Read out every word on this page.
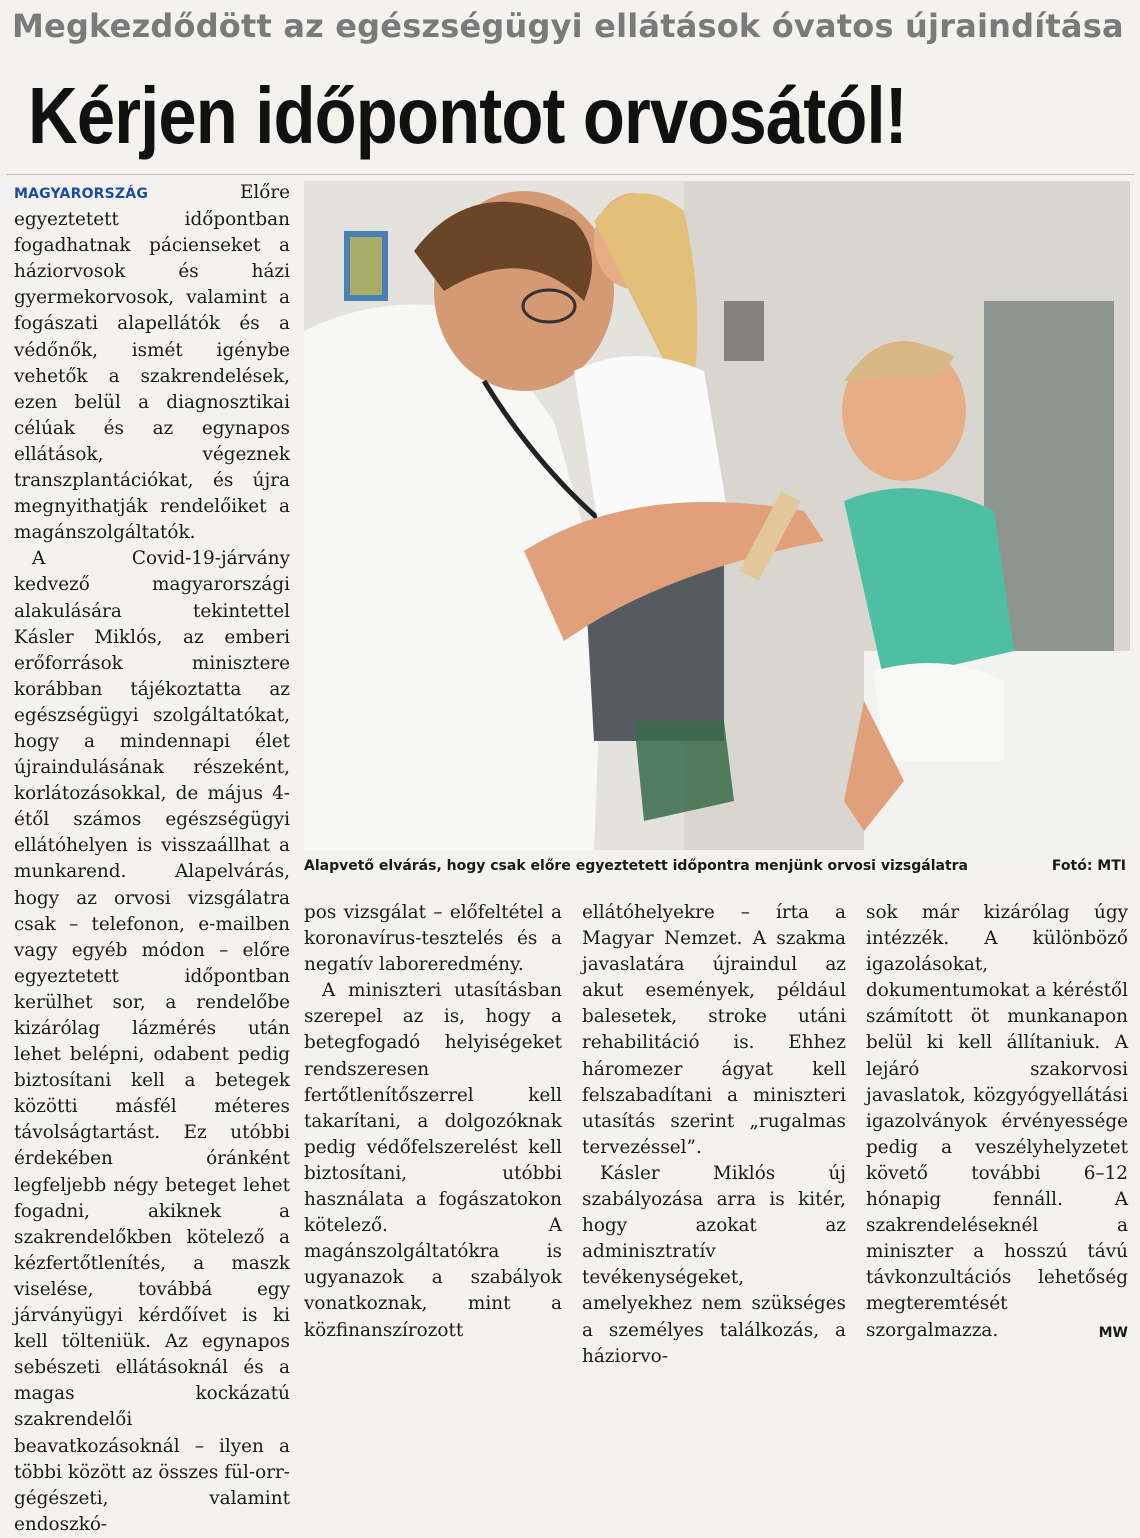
Megkezdődött az egészségügyi ellátások óvatos újraindítása
Kérjen időpontot orvosától!

MAGYARORSZÁG Előre egyeztetett időpontban fogadhatnak pácienseket a háziorvosok és házi gyermekorvosok, valamint a fogászati alapellátók és a védőnők, ismét igénybe vehetők a szakrendelések, ezen belül a diagnosztikai célúak és az egynapos ellátások, végeznek transzplantációkat, és újra megnyithatják rendelőiket a magánszolgáltatók.

A Covid-19-járvány kedvező magyarországi alakulására tekintettel Kásler Miklós, az emberi erőforrások minisztere korábban tájékoztatta az egészségügyi szolgáltatókat, hogy a mindennapi élet újraindulásának részeként, korlátozásokkal, de május 4-étől számos egészségügyi ellátóhelyen is visszaállhat a munkarend. Alapelvárás, hogy az orvosi vizsgálatra csak – telefonon, e-mailben vagy egyéb módon – előre egyeztetett időpontban kerülhet sor, a rendelőbe kizárólag lázmérés után lehet belépni, odabent pedig biztosítani kell a betegek közötti másfél méteres távolságtartást. Ez utóbbi érdekében óránként legfeljebb négy beteget lehet fogadni, akiknek a szakrendelőkben kötelező a kézfertőtlenítés, a maszk viselése, továbbá egy járványügyi kérdőívet is ki kell tölteniük. Az egynapos sebészeti ellátásoknál és a magas kockázatú szakrendelői beavatkozásoknál – ilyen a többi között az összes fül-orr-gégészeti, valamint endoszkó-

Alapvető elvárás, hogy csak előre egyeztetett időpontra menjünk orvosi vizsgálatra	Fotó: MTI

pos vizsgálat – előfeltétel a koronavírus-tesztelés és a negatív laboreredmény.

A miniszteri utasításban szerepel az is, hogy a betegfogadó helyiségeket rendszeresen fertőtlenítőszerrel kell takarítani, a dolgozóknak pedig védőfelszerelést kell biztosítani, utóbbi használata a fogászatokon kötelező. A magánszolgáltatókra is ugyanazok a szabályok vonatkoznak, mint a közfinanszírozott

ellátóhelyekre – írta a Magyar Nemzet. A szakma javaslatára újraindul az akut események, például balesetek, stroke utáni rehabilitáció is. Ehhez háromezer ágyat kell felszabadítani a miniszteri utasítás szerint „rugalmas tervezéssel”.

Kásler Miklós új szabályozása arra is kitér, hogy azokat az adminisztratív tevékenységeket, amelyekhez nem szükséges a személyes találkozás, a háziorvo-

sok már kizárólag úgy intézzék. A különböző igazolásokat, dokumentumokat a kéréstől számított öt munkanapon belül ki kell állítaniuk. A lejáró szakorvosi javaslatok, közgyógyellátási igazolványok érvényessége pedig a veszélyhelyzetet követő további 6–12 hónapig fennáll. A szakrendeléseknél a miniszter a hosszú távú távkonzultációs lehetőség megteremtését szorgalmazza.	MW
